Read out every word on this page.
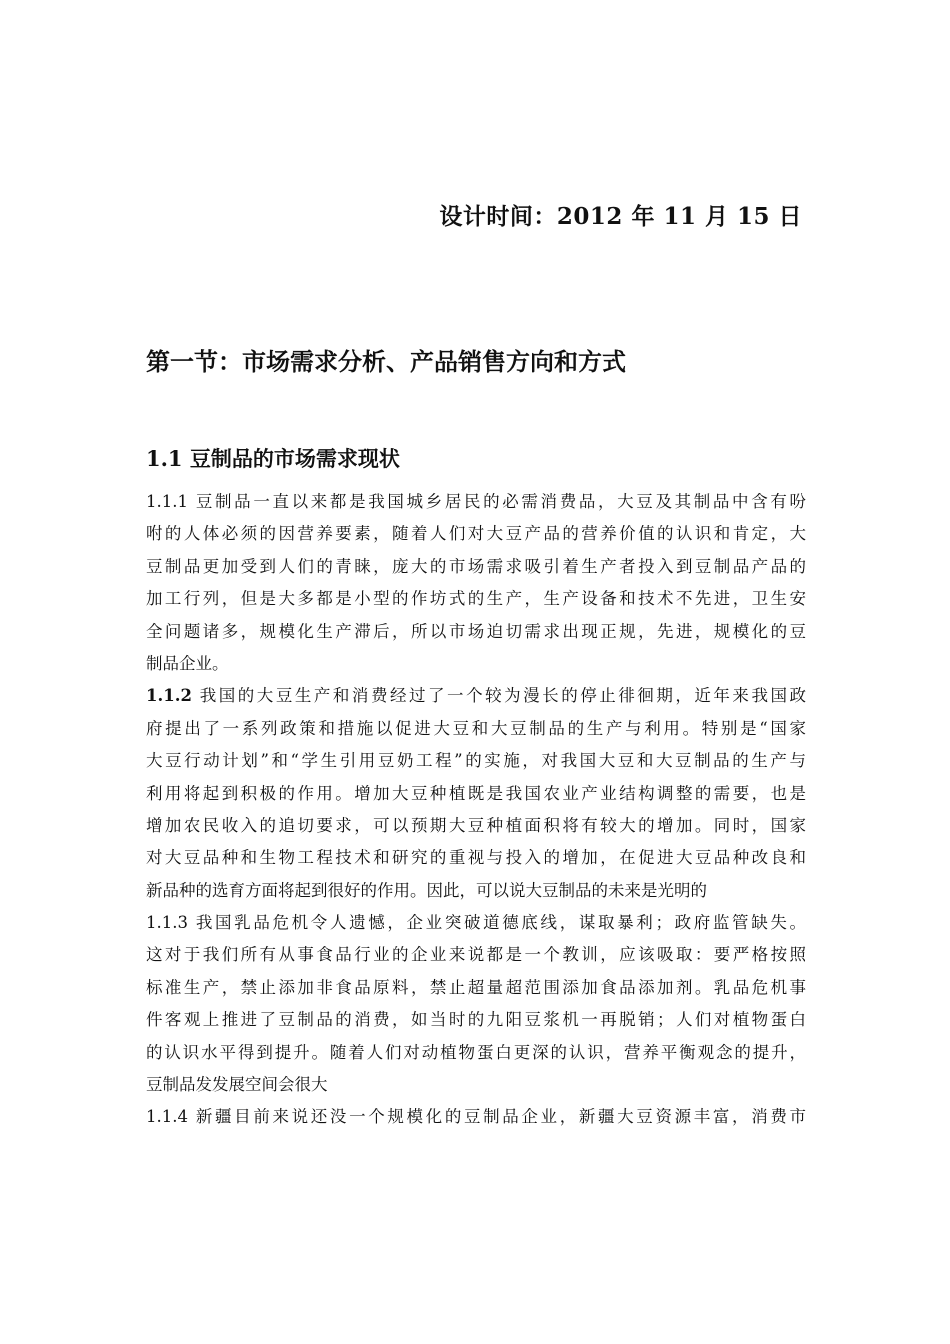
设计时间：2012 年 11 月 15 日
第一节：市场需求分析、产品销售方向和方式
1.1 豆制品的市场需求现状
1.1.1 豆制品一直以来都是我国城乡居民的必需消费品，大豆及其制品中含有吩
咐的人体必须的因营养要素，随着人们对大豆产品的营养价值的认识和肯定，大
豆制品更加受到人们的青睐，庞大的市场需求吸引着生产者投入到豆制品产品的
加工行列，但是大多都是小型的作坊式的生产，生产设备和技术不先进，卫生安
全问题诸多，规模化生产滞后，所以市场迫切需求出现正规，先进，规模化的豆
制品企业。
1.1.2 我国的大豆生产和消费经过了一个较为漫长的停止徘徊期，近年来我国政
府提出了一系列政策和措施以促进大豆和大豆制品的生产与利用。特别是“国家
大豆行动计划”和“学生引用豆奶工程”的实施，对我国大豆和大豆制品的生产与
利用将起到积极的作用。增加大豆种植既是我国农业产业结构调整的需要，也是
增加农民收入的追切要求，可以预期大豆种植面积将有较大的增加。同时，国家
对大豆品种和生物工程技术和研究的重视与投入的增加，在促进大豆品种改良和
新品种的选育方面将起到很好的作用。因此，可以说大豆制品的未来是光明的
1.1.3 我国乳品危机令人遗憾，企业突破道德底线，谋取暴利；政府监管缺失。
这对于我们所有从事食品行业的企业来说都是一个教训，应该吸取：要严格按照
标准生产，禁止添加非食品原料，禁止超量超范围添加食品添加剂。乳品危机事
件客观上推进了豆制品的消费，如当时的九阳豆浆机一再脱销；人们对植物蛋白
的认识水平得到提升。随着人们对动植物蛋白更深的认识，营养平衡观念的提升，
豆制品发发展空间会很大
1.1.4 新疆目前来说还没一个规模化的豆制品企业，新疆大豆资源丰富，消费市
